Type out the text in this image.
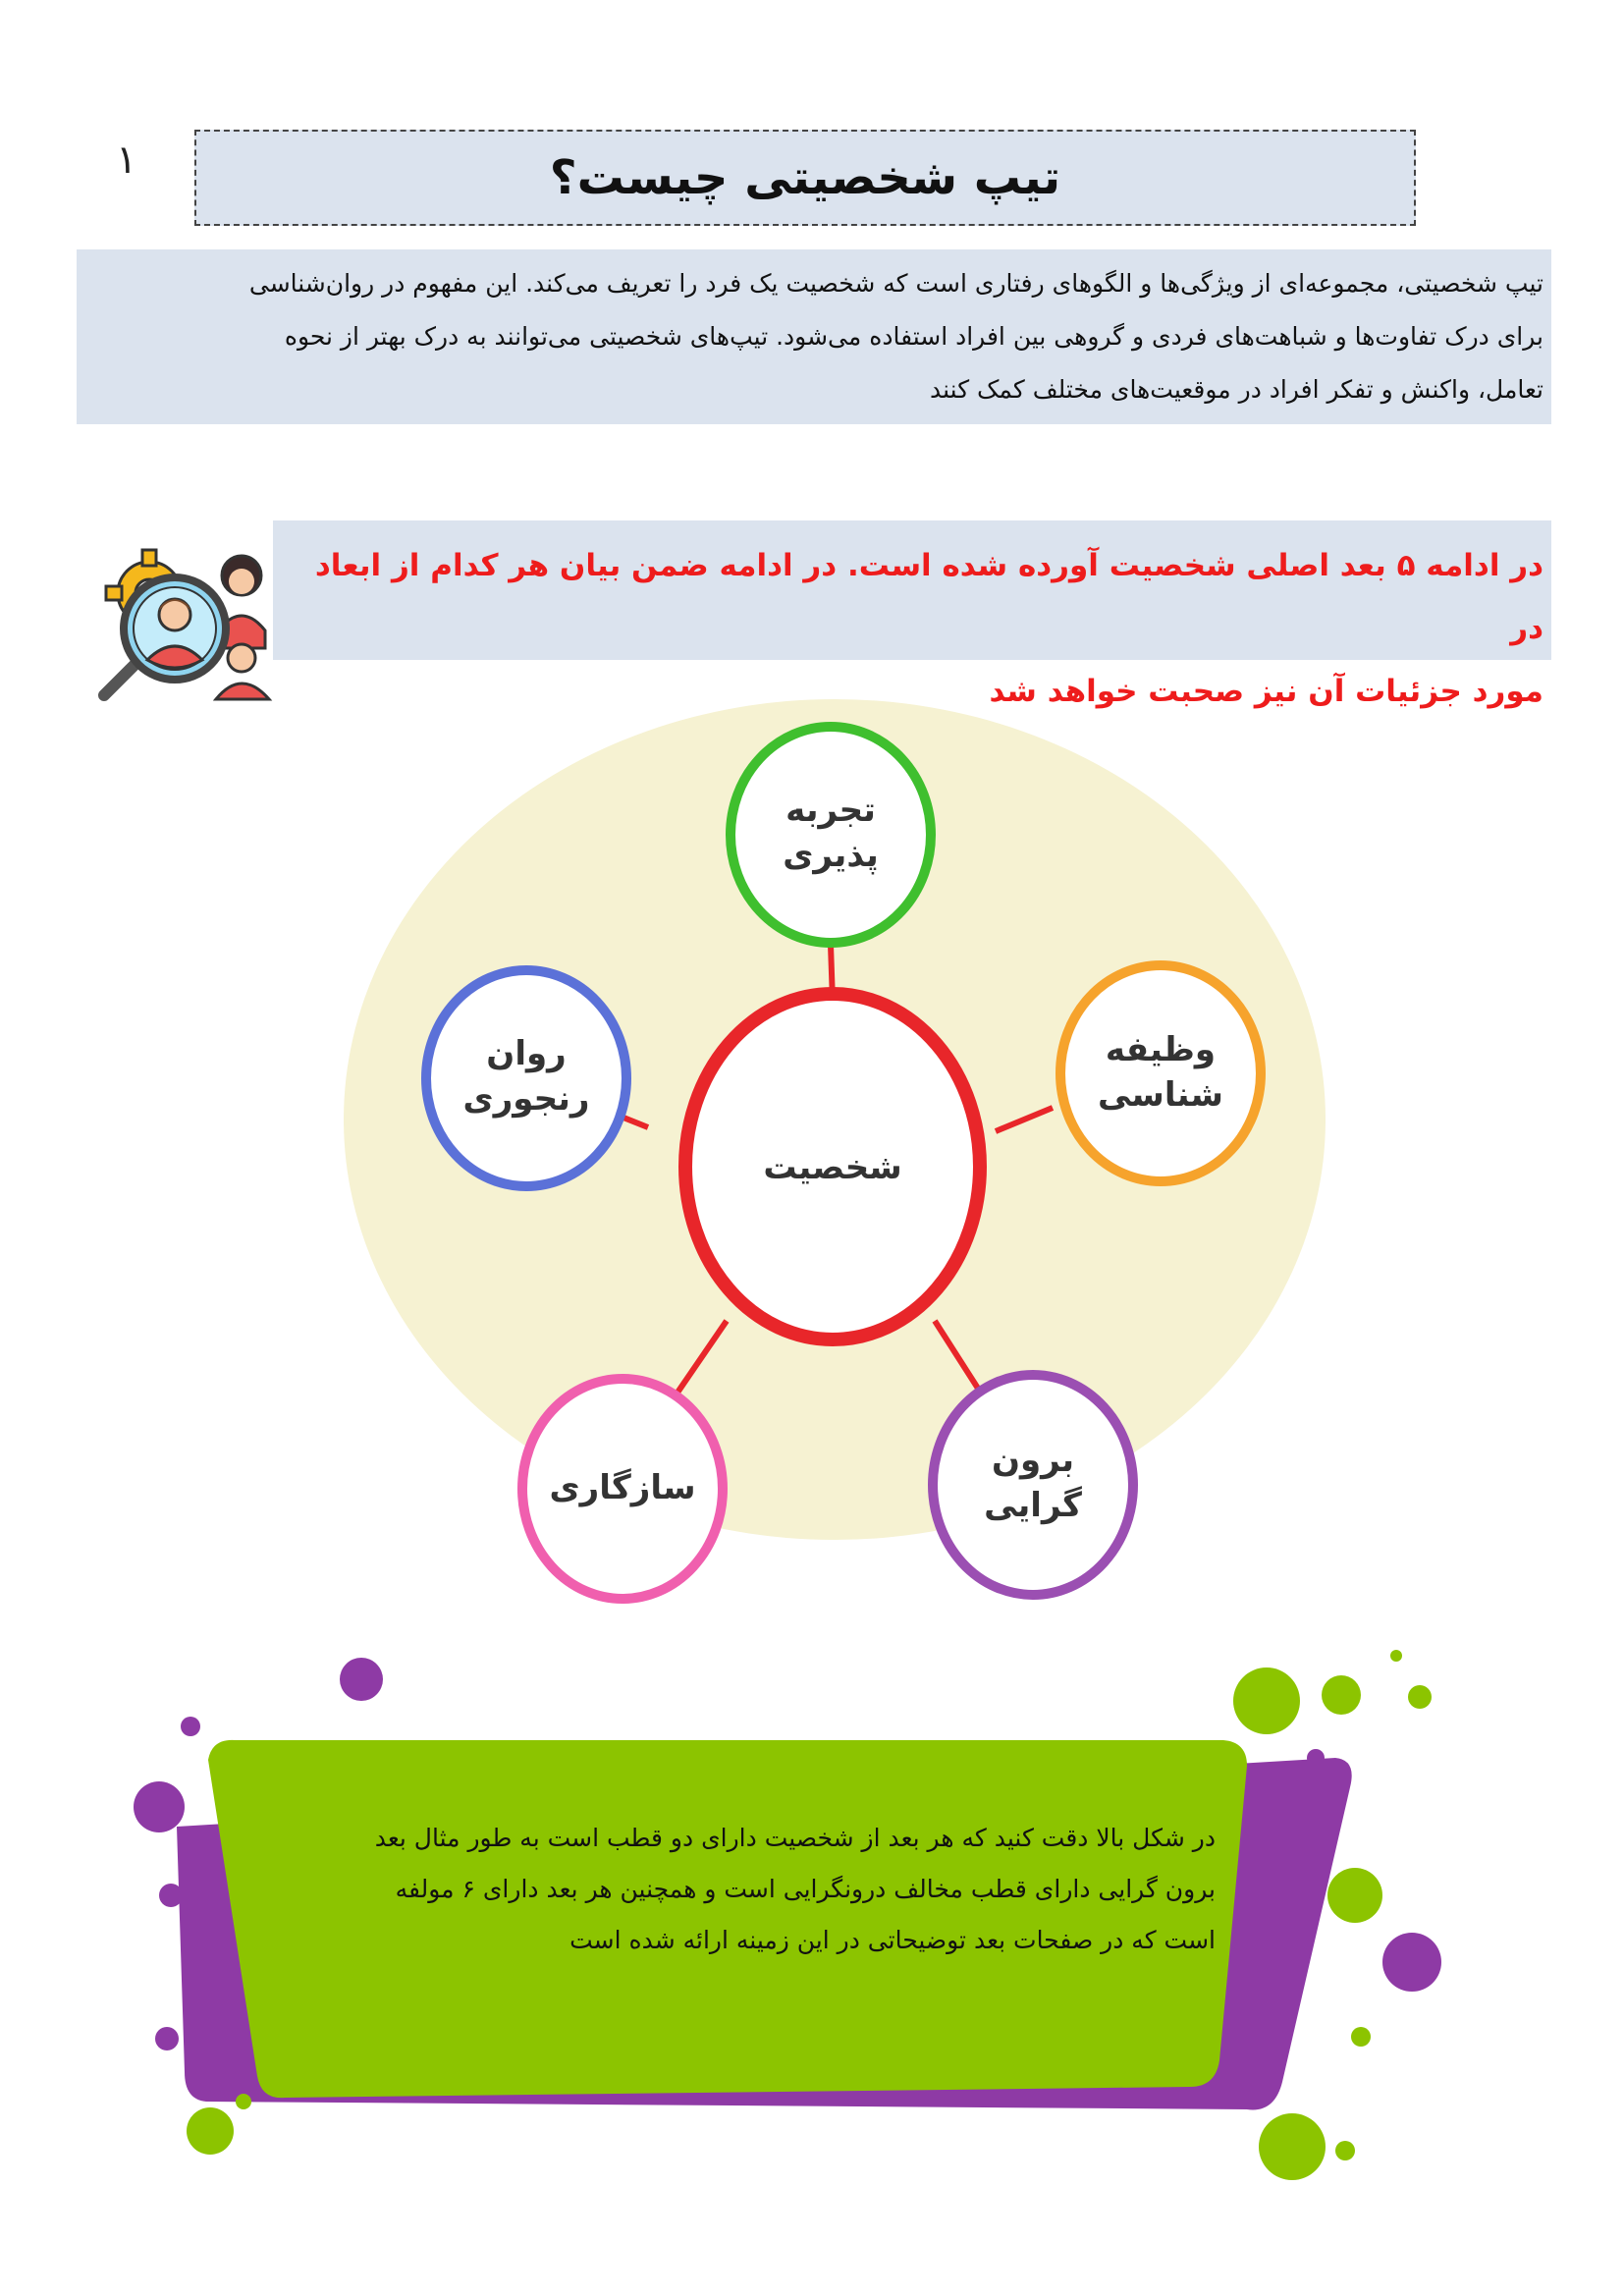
۱	تیپ شخصیتی چیست؟
تیپ شخصیتی، مجموعه‌ای از ویژگی‌ها و الگوهای رفتاری است که شخصیت یک فرد را تعریف می‌کند. این مفهوم در روان‌شناسی
برای درک تفاوت‌ها و شباهت‌های فردی و گروهی بین افراد استفاده می‌شود. تیپ‌های شخصیتی می‌توانند به درک بهتر از نحوه
تعامل، واکنش و تفکر افراد در موقعیت‌های مختلف کمک کنند
در ادامه ۵ بعد اصلی شخصیت آورده شده است. در ادامه ضمن بیان هر کدام از ابعاد در
مورد جزئیات آن نیز صحبت خواهد شد
شخصیت
تجربه
پذیری
وظیفه
شناسی
برون
گرایی
سازگاری
روان
رنجوری
در شکل بالا دقت کنید که هر بعد از شخصیت دارای دو قطب است به طور مثال بعد
برون گرایی دارای قطب مخالف درونگرایی است و همچنین هر بعد دارای ۶ مولفه
است که در صفحات بعد توضیحاتی در این زمینه ارائه شده است
